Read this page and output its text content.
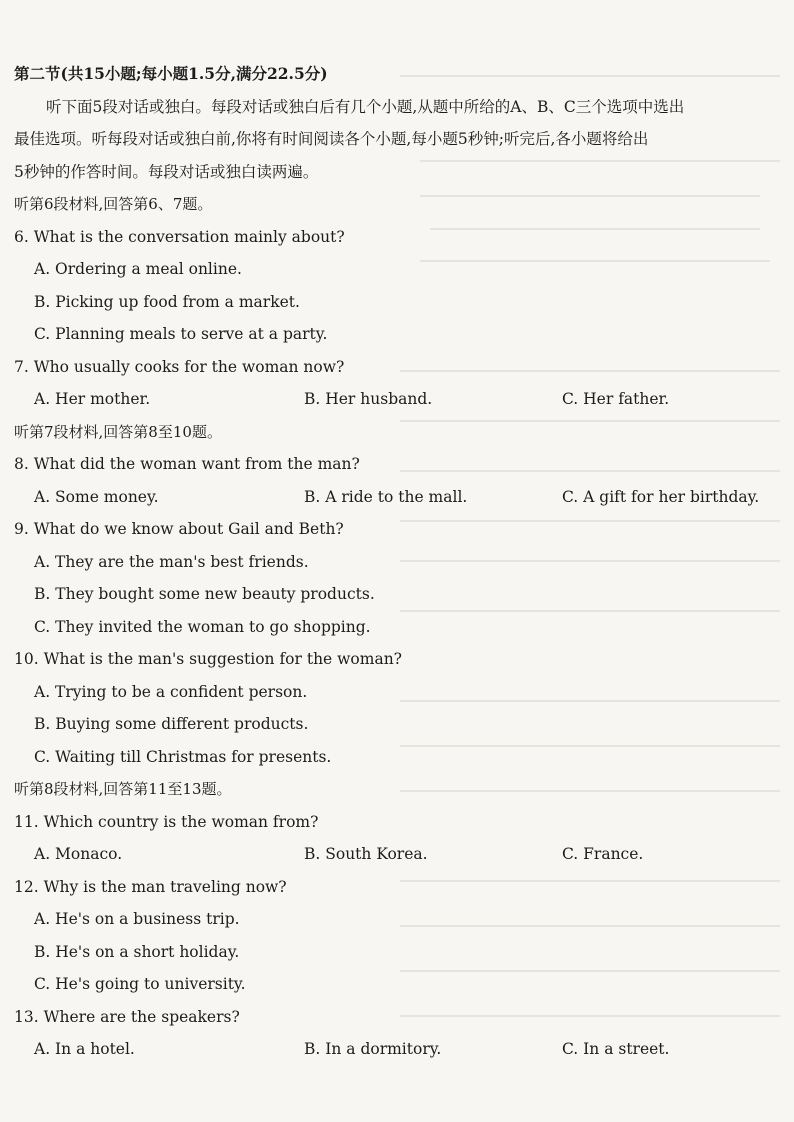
第二节(共15小题;每小题1.5分,满分22.5分)
听下面5段对话或独白。每段对话或独白后有几个小题,从题中所给的A、B、C三个选项中选出
最佳选项。听每段对话或独白前,你将有时间阅读各个小题,每小题5秒钟;听完后,各小题将给出
5秒钟的作答时间。每段对话或独白读两遍。
听第6段材料,回答第6、7题。
6. What is the conversation mainly about?
A. Ordering a meal online.
B. Picking up food from a market.
C. Planning meals to serve at a party.
7. Who usually cooks for the woman now?
A. Her mother.	B. Her husband.	C. Her father.
听第7段材料,回答第8至10题。
8. What did the woman want from the man?
A. Some money.	B. A ride to the mall.	C. A gift for her birthday.
9. What do we know about Gail and Beth?
A. They are the man's best friends.
B. They bought some new beauty products.
C. They invited the woman to go shopping.
10. What is the man's suggestion for the woman?
A. Trying to be a confident person.
B. Buying some different products.
C. Waiting till Christmas for presents.
听第8段材料,回答第11至13题。
11. Which country is the woman from?
A. Monaco.	B. South Korea.	C. France.
12. Why is the man traveling now?
A. He's on a business trip.
B. He's on a short holiday.
C. He's going to university.
13. Where are the speakers?
A. In a hotel.	B. In a dormitory.	C. In a street.
